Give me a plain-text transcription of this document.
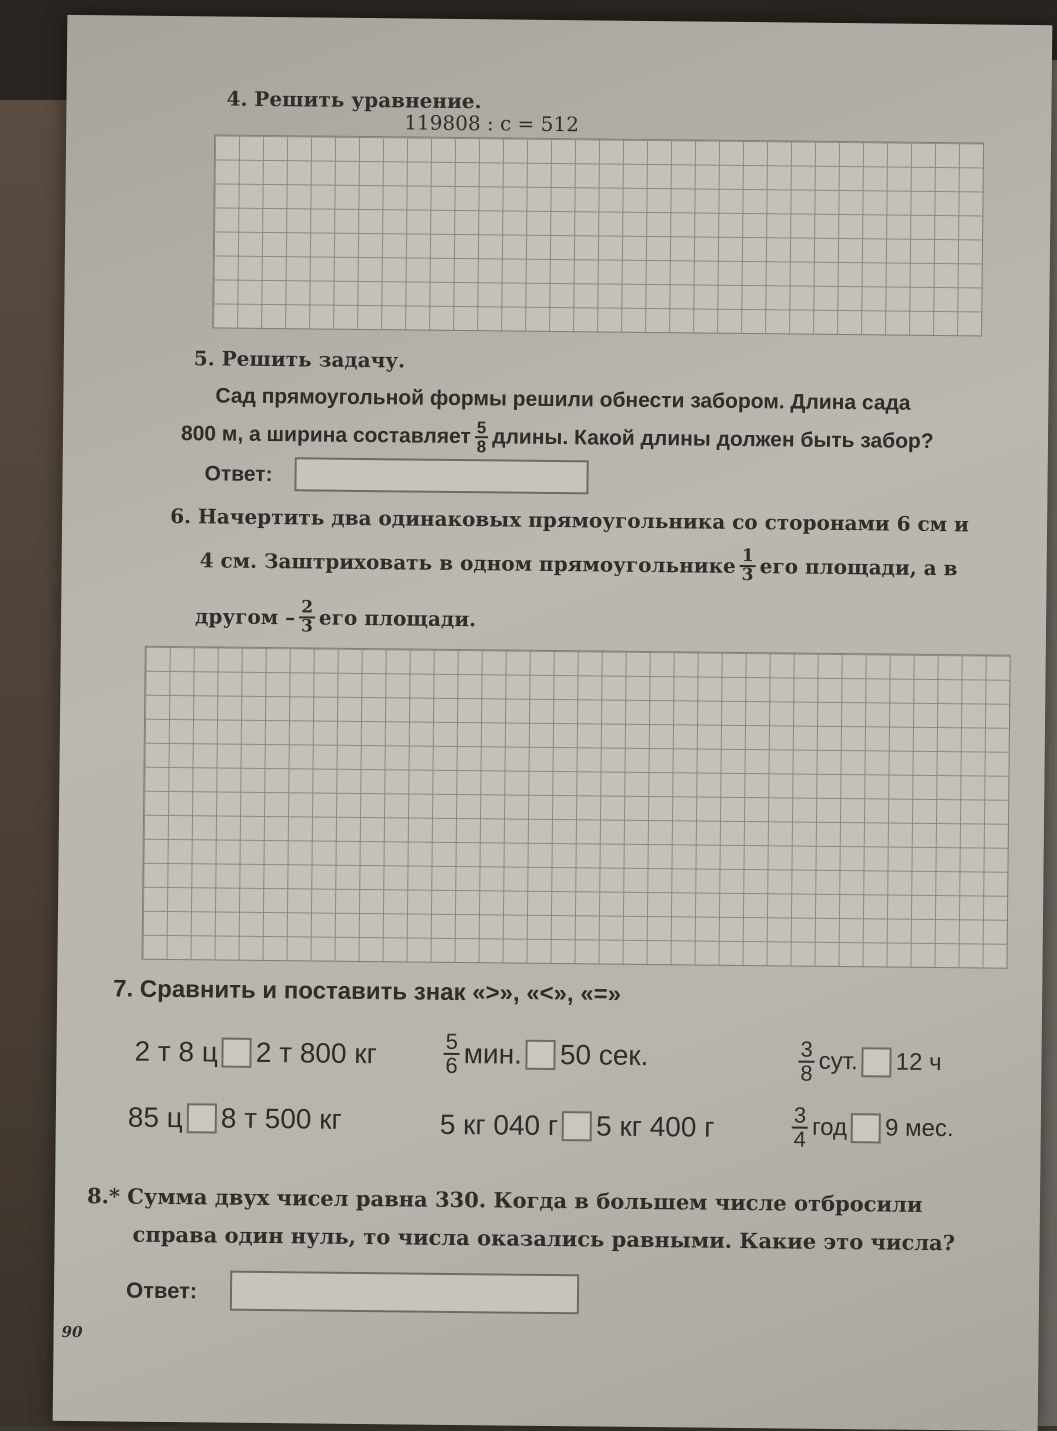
4. Решить уравнение.
119808 : с = 512
5. Решить задачу.
Сад прямоугольной формы решили обнести забором. Длина сада
800 м, а ширина составляет $\frac{5}{8}$ длины. Какой длины должен быть забор?
Ответ:
6. Начертить два одинаковых прямоугольника со сторонами 6 см и
4 см. Заштриховать в одном прямоугольнике $\frac{1}{3}$ его площади, а в
другом – $\frac{2}{3}$ его площади.
7. Сравнить и поставить знак «>», «<», «=»
2 т 8 ц 2 т 800 кг	$\frac{5}{6}$ мин. 50 сек.	$\frac{3}{8}$ сут. 12 ч
85 ц 8 т 500 кг	5 кг 040 г 5 кг 400 г	$\frac{3}{4}$ год 9 мес.
8.* Сумма двух чисел равна 330. Когда в большем числе отбросили
справа один нуль, то числа оказались равными. Какие это числа?
Ответ:
90
